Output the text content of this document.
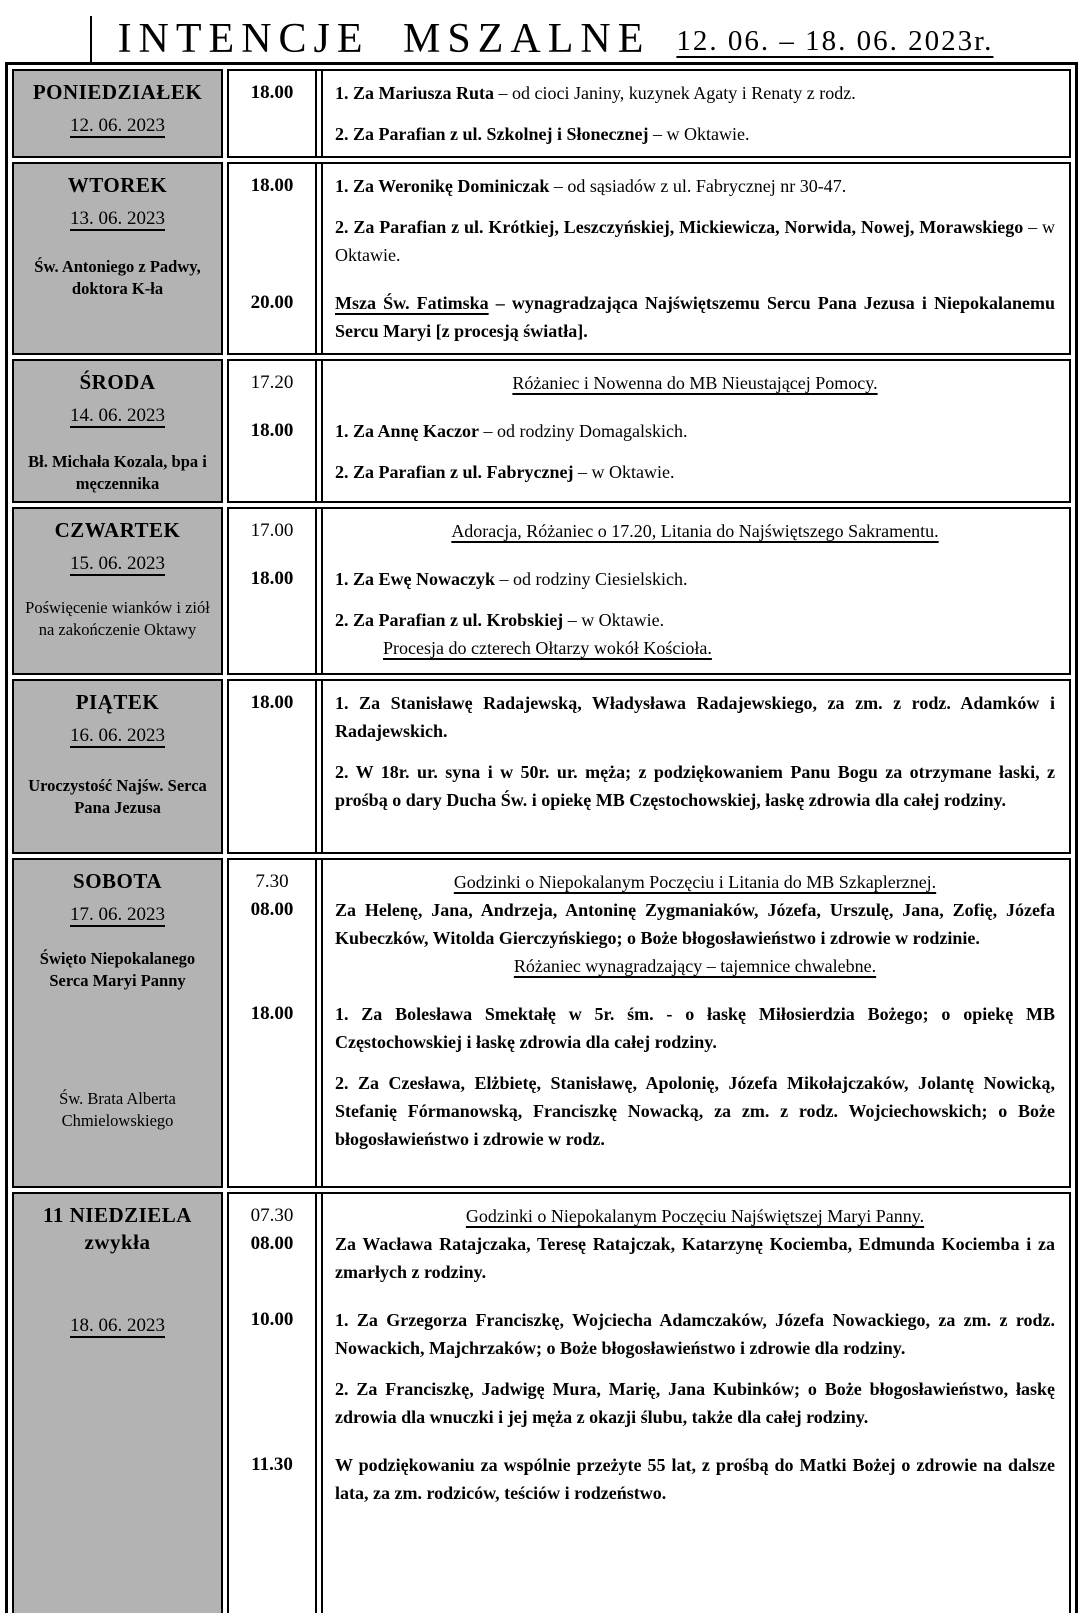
INTENCJE MSZALNE 12. 06. – 18. 06. 2023r.
PONIEDZIAŁEK
12. 06. 2023
18.00	1. Za Mariusza Ruta – od cioci Janiny, kuzynek Agaty i Renaty z rodz.
2. Za Parafian z ul. Szkolnej i Słonecznej – w Oktawie.
WTOREK
13. 06. 2023
Św. Antoniego z Padwy, doktora K-ła
18.00	1. Za Weronikę Dominiczak – od sąsiadów z ul. Fabrycznej nr 30-47.
2. Za Parafian z ul. Krótkiej, Leszczyńskiej, Mickiewicza, Norwida, Nowej, Morawskiego – w Oktawie.
20.00	Msza Św. Fatimska – wynagradzająca Najświętszemu Sercu Pana Jezusa i Niepokalanemu Sercu Maryi [z procesją światła].
ŚRODA
14. 06. 2023
Bł. Michała Kozala, bpa i męczennika
17.20	Różaniec i Nowenna do MB Nieustającej Pomocy.
18.00	1. Za Annę Kaczor – od rodziny Domagalskich.
2. Za Parafian z ul. Fabrycznej – w Oktawie.
CZWARTEK
15. 06. 2023
Poświęcenie wianków i ziół na zakończenie Oktawy
17.00	Adoracja, Różaniec o 17.20, Litania do Najświętszego Sakramentu.
18.00	1. Za Ewę Nowaczyk – od rodziny Ciesielskich.
2. Za Parafian z ul. Krobskiej – w Oktawie.
Procesja do czterech Ołtarzy wokół Kościoła.
PIĄTEK
16. 06. 2023
Uroczystość Najśw. Serca Pana Jezusa
18.00	1. Za Stanisławę Radajewską, Władysława Radajewskiego, za zm. z rodz. Adamków i Radajewskich.
2. W 18r. ur. syna i w 50r. ur. męża; z podziękowaniem Panu Bogu za otrzymane łaski, z prośbą o dary Ducha Św. i opiekę MB Częstochowskiej, łaskę zdrowia dla całej rodziny.
SOBOTA
17. 06. 2023
Święto Niepokalanego Serca Maryi Panny
Św. Brata Alberta Chmielowskiego
7.30	Godzinki o Niepokalanym Poczęciu i Litania do MB Szkaplerznej.
08.00	Za Helenę, Jana, Andrzeja, Antoninę Zygmaniaków, Józefa, Urszulę, Jana, Zofię, Józefa Kubeczków, Witolda Gierczyńskiego; o Boże błogosławieństwo i zdrowie w rodzinie.
Różaniec wynagradzający – tajemnice chwalebne.
18.00	1. Za Bolesława Smektałę w 5r. śm. - o łaskę Miłosierdzia Bożego; o opiekę MB Częstochowskiej i łaskę zdrowia dla całej rodziny.
2. Za Czesława, Elżbietę, Stanisławę, Apolonię, Józefa Mikołajczaków, Jolantę Nowicką, Stefanię Fórmanowską, Franciszkę Nowacką, za zm. z rodz. Wojciechowskich; o Boże błogosławieństwo i zdrowie w rodz.
11 NIEDZIELA
zwykła
18. 06. 2023
07.30	Godzinki o Niepokalanym Poczęciu Najświętszej Maryi Panny.
08.00	Za Wacława Ratajczaka, Teresę Ratajczak, Katarzynę Kociemba, Edmunda Kociemba i za zmarłych z rodziny.
10.00	1. Za Grzegorza Franciszkę, Wojciecha Adamczaków, Józefa Nowackiego, za zm. z rodz. Nowackich, Majchrzaków; o Boże błogosławieństwo i zdrowie dla rodziny.
2. Za Franciszkę, Jadwigę Mura, Marię, Jana Kubinków; o Boże błogosławieństwo, łaskę zdrowia dla wnuczki i jej męża z okazji ślubu, także dla całej rodziny.
11.30	W podziękowaniu za wspólnie przeżyte 55 lat, z prośbą do Matki Bożej o zdrowie na dalsze lata, za zm. rodziców, teściów i rodzeństwo.
